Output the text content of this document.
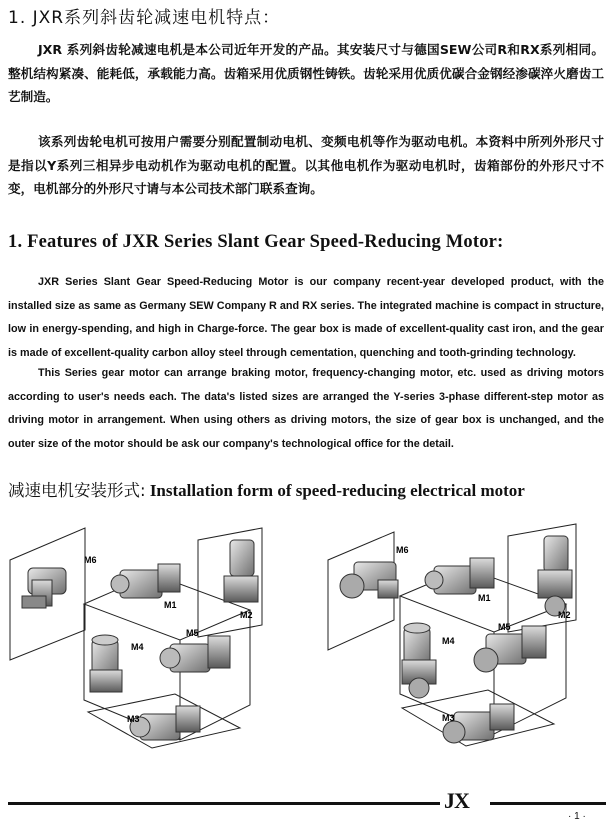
1. JXR系列斜齿轮减速电机特点：

JXR 系列斜齿轮减速电机是本公司近年开发的产品。其安装尺寸与德国SEW公司R和RX系列相同。整机结构紧凑、能耗低，承载能力高。齿箱采用优质钢性铸铁。齿轮采用优质优碳合金钢经渗碳淬火磨齿工艺制造。

该系列齿轮电机可按用户需要分别配置制动电机、变频电机等作为驱动电机。本资料中所列外形尺寸是指以Y系列三相异步电动机作为驱动电机的配置。以其他电机作为驱动电机时，齿箱部份的外形尺寸不变，电机部分的外形尺寸请与本公司技术部门联系查询。

1. Features of JXR Series Slant Gear Speed-Reducing Motor:

JXR Series Slant Gear Speed-Reducing Motor is our company recent-year developed product, with the installed size as same as Germany SEW Company R and RX series. The integrated machine is compact in structure, low in energy-spending, and high in Charge-force. The gear box is made of excellent-quality cast iron, and the gear is made of excellent-quality carbon alloy steel through cementation, quenching and tooth-grinding technology.

This Series gear motor can arrange braking motor, frequency-changing motor, etc. used as driving motors according to user's needs each. The data's listed sizes are arranged the Y-series 3-phase different-step motor as driving motor in arrangement. When using others as driving motors, the size of gear box is unchanged, and the outer size of the motor should be ask our company's technological office for the detail.

减速电机安装形式: Installation form of speed-reducing electrical motor
M6
M1
M2
M4
M5
M3
M6
M1
M2
M4
M5
M3
JX
· 1 ·
